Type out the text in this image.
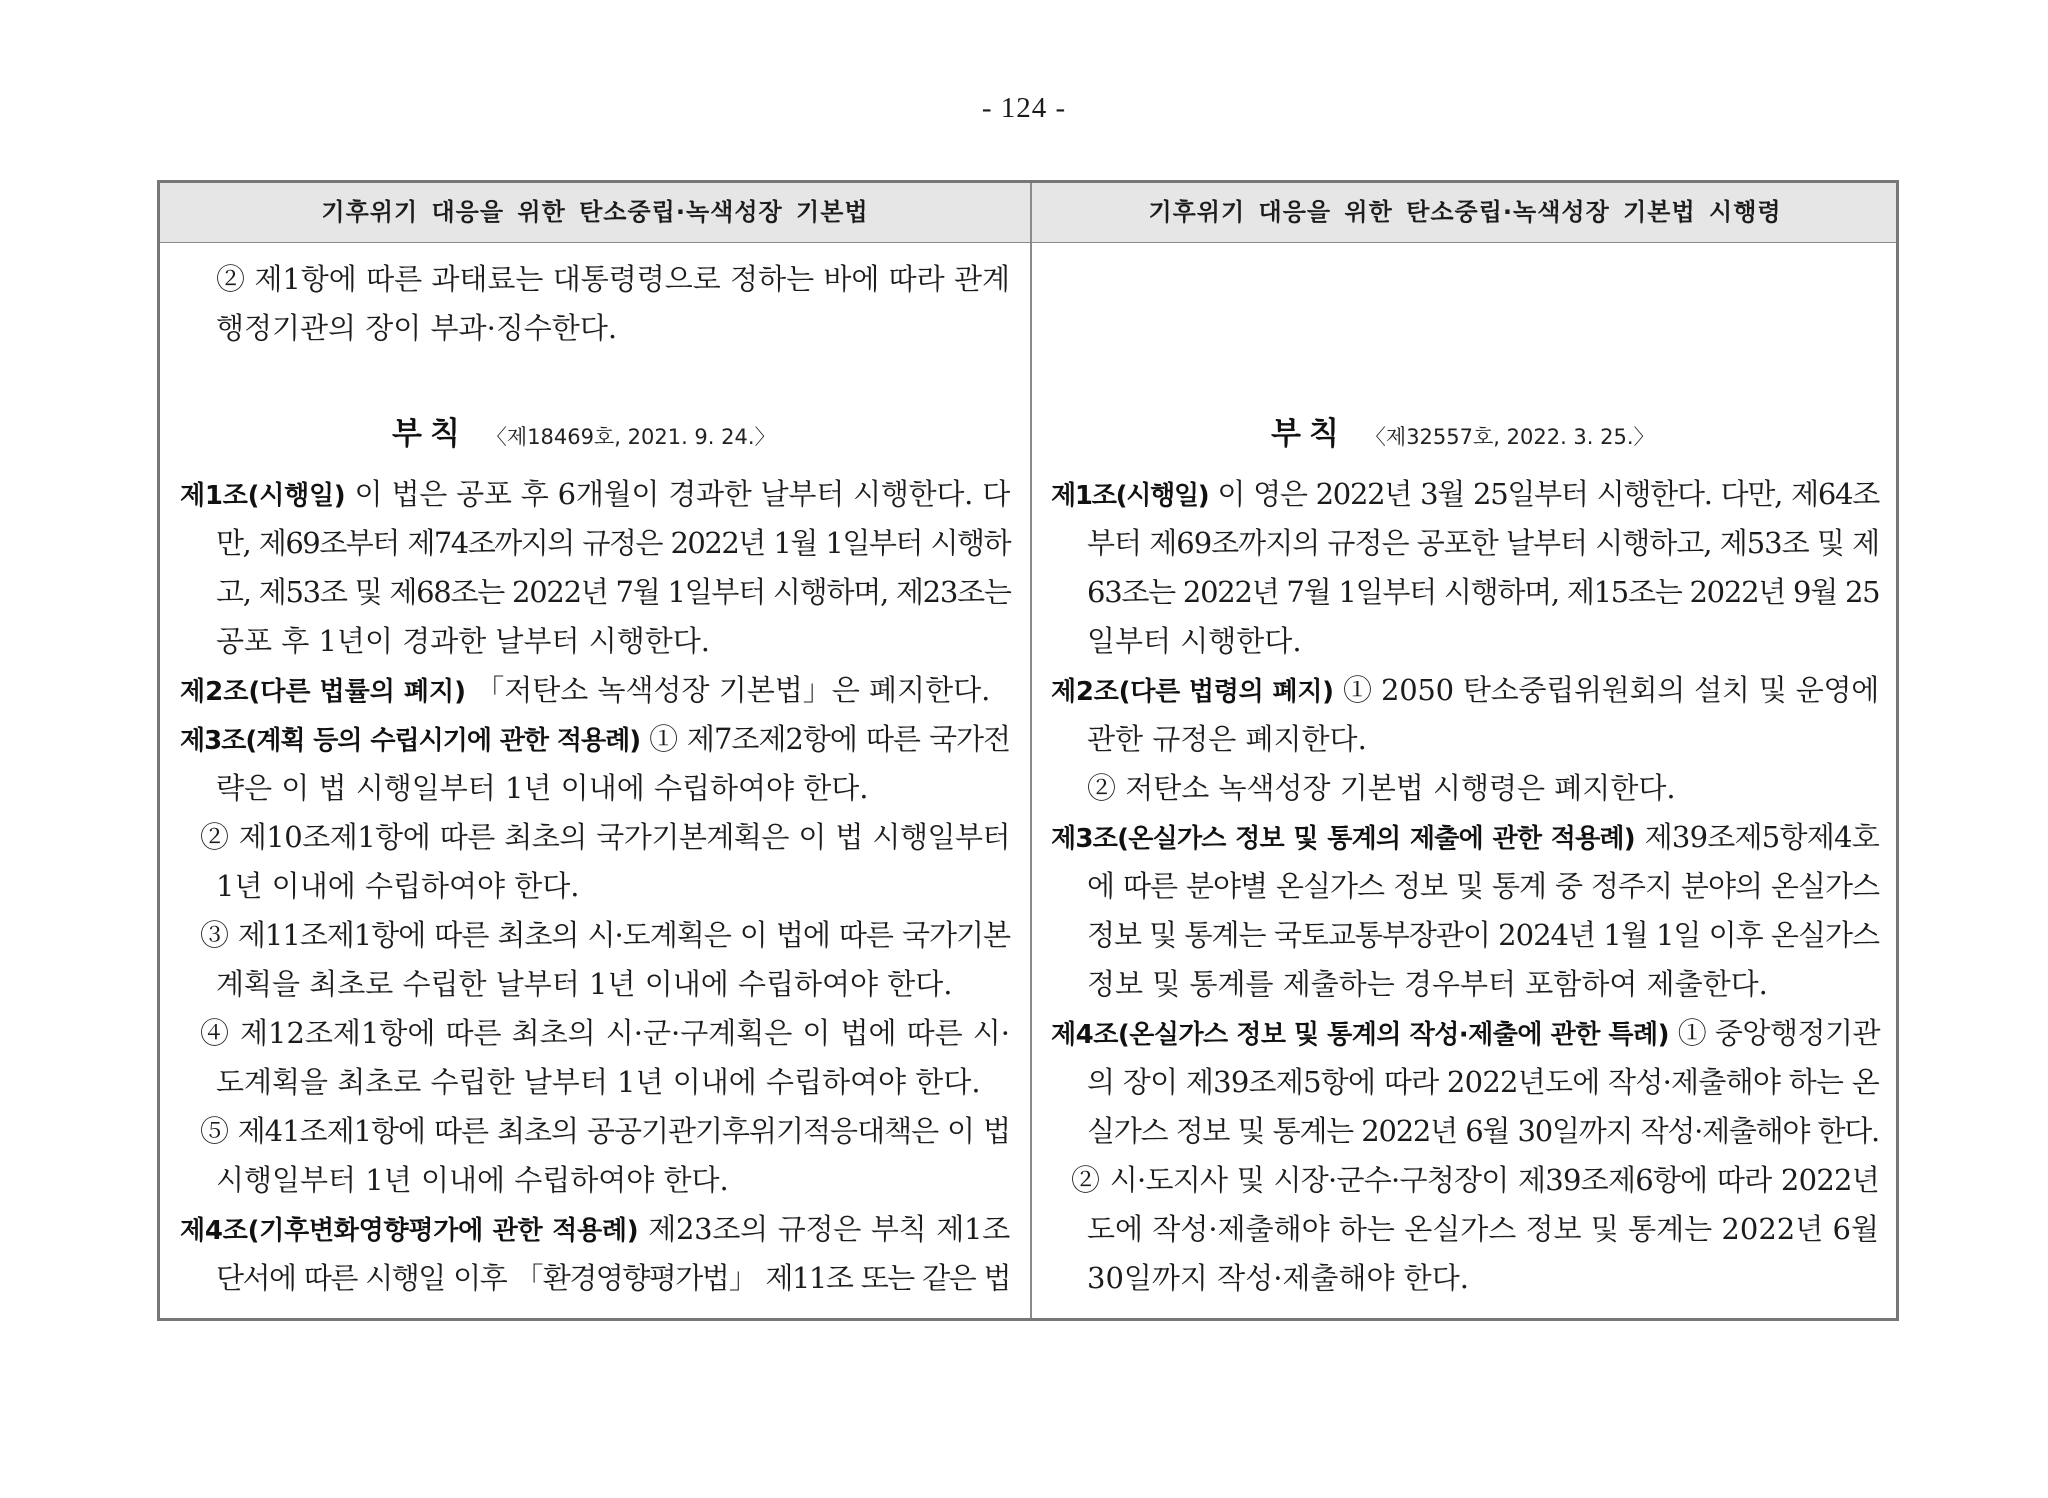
- 124 -
기후위기 대응을 위한 탄소중립·녹색성장 기본법	기후위기 대응을 위한 탄소중립·녹색성장 기본법 시행령
② 제1항에 따른 과태료는 대통령령으로 정하는 바에 따라 관계
행정기관의 장이 부과·징수한다.
부칙 〈제18469호, 2021. 9. 24.〉
제1조(시행일) 이 법은 공포 후 6개월이 경과한 날부터 시행한다. 다
만, 제69조부터 제74조까지의 규정은 2022년 1월 1일부터 시행하
고, 제53조 및 제68조는 2022년 7월 1일부터 시행하며, 제23조는
공포 후 1년이 경과한 날부터 시행한다.
제2조(다른 법률의 폐지) 「저탄소 녹색성장 기본법」은 폐지한다.
제3조(계획 등의 수립시기에 관한 적용례) ① 제7조제2항에 따른 국가전
략은 이 법 시행일부터 1년 이내에 수립하여야 한다.
② 제10조제1항에 따른 최초의 국가기본계획은 이 법 시행일부터
1년 이내에 수립하여야 한다.
③ 제11조제1항에 따른 최초의 시·도계획은 이 법에 따른 국가기본
계획을 최초로 수립한 날부터 1년 이내에 수립하여야 한다.
④ 제12조제1항에 따른 최초의 시·군·구계획은 이 법에 따른 시·
도계획을 최초로 수립한 날부터 1년 이내에 수립하여야 한다.
⑤ 제41조제1항에 따른 최초의 공공기관기후위기적응대책은 이 법
시행일부터 1년 이내에 수립하여야 한다.
제4조(기후변화영향평가에 관한 적용례) 제23조의 규정은 부칙 제1조
단서에 따른 시행일 이후 「환경영향평가법」 제11조 또는 같은 법
부칙 〈제32557호, 2022. 3. 25.〉
제1조(시행일) 이 영은 2022년 3월 25일부터 시행한다. 다만, 제64조
부터 제69조까지의 규정은 공포한 날부터 시행하고, 제53조 및 제
63조는 2022년 7월 1일부터 시행하며, 제15조는 2022년 9월 25
일부터 시행한다.
제2조(다른 법령의 폐지) ① 2050 탄소중립위원회의 설치 및 운영에
관한 규정은 폐지한다.
② 저탄소 녹색성장 기본법 시행령은 폐지한다.
제3조(온실가스 정보 및 통계의 제출에 관한 적용례) 제39조제5항제4호
에 따른 분야별 온실가스 정보 및 통계 중 정주지 분야의 온실가스
정보 및 통계는 국토교통부장관이 2024년 1월 1일 이후 온실가스
정보 및 통계를 제출하는 경우부터 포함하여 제출한다.
제4조(온실가스 정보 및 통계의 작성·제출에 관한 특례) ① 중앙행정기관
의 장이 제39조제5항에 따라 2022년도에 작성·제출해야 하는 온
실가스 정보 및 통계는 2022년 6월 30일까지 작성·제출해야 한다.
② 시·도지사 및 시장·군수·구청장이 제39조제6항에 따라 2022년
도에 작성·제출해야 하는 온실가스 정보 및 통계는 2022년 6월
30일까지 작성·제출해야 한다.
